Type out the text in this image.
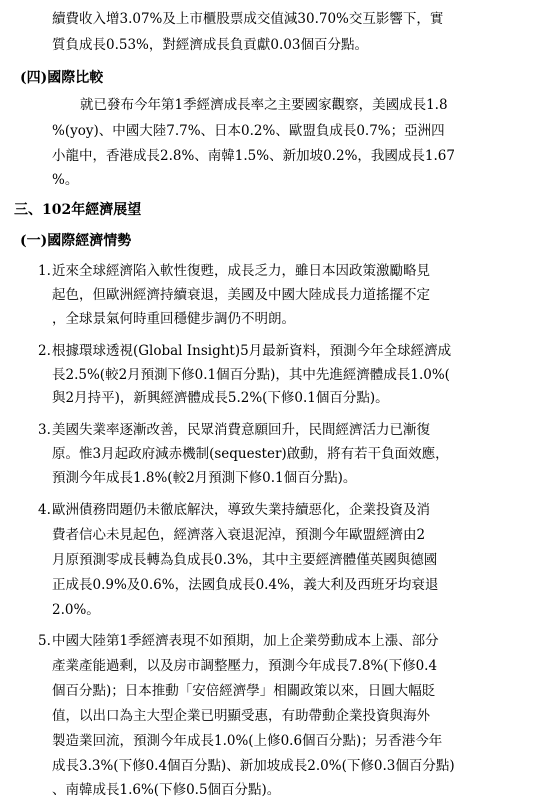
續費收入增3.07%及上市櫃股票成交值減30.70%交互影響下，實
質負成長0.53%，對經濟成長負貢獻0.03個百分點。
(四)國際比較
就已發布今年第1季經濟成長率之主要國家觀察，美國成長1.8
%(yoy)、中國大陸7.7%、日本0.2%、歐盟負成長0.7%；亞洲四
小龍中，香港成長2.8%、南韓1.5%、新加坡0.2%，我國成長1.67
%。
三、102年經濟展望
(一)國際經濟情勢
1. 近來全球經濟陷入軟性復甦，成長乏力，雖日本因政策激勵略見
起色，但歐洲經濟持續衰退，美國及中國大陸成長力道搖擺不定
，全球景氣何時重回穩健步調仍不明朗。
2. 根據環球透視(Global Insight)5月最新資料，預測今年全球經濟成
長2.5%(較2月預測下修0.1個百分點)，其中先進經濟體成長1.0%(
與2月持平)，新興經濟體成長5.2%(下修0.1個百分點)。
3. 美國失業率逐漸改善，民眾消費意願回升，民間經濟活力已漸復
原。惟3月起政府減赤機制(sequester)啟動，將有若干負面效應，
預測今年成長1.8%(較2月預測下修0.1個百分點)。
4. 歐洲債務問題仍未徹底解決，導致失業持續惡化，企業投資及消
費者信心未見起色，經濟落入衰退泥淖，預測今年歐盟經濟由2
月原預測零成長轉為負成長0.3%，其中主要經濟體僅英國與德國
正成長0.9%及0.6%，法國負成長0.4%，義大利及西班牙均衰退
2.0%。
5. 中國大陸第1季經濟表現不如預期，加上企業勞動成本上漲、部分
產業產能過剩，以及房市調整壓力，預測今年成長7.8%(下修0.4
個百分點)；日本推動「安倍經濟學」相關政策以來，日圓大幅貶
值，以出口為主大型企業已明顯受惠，有助帶動企業投資與海外
製造業回流，預測今年成長1.0%(上修0.6個百分點)；另香港今年
成長3.3%(下修0.4個百分點)、新加坡成長2.0%(下修0.3個百分點)
、南韓成長1.6%(下修0.5個百分點)。
